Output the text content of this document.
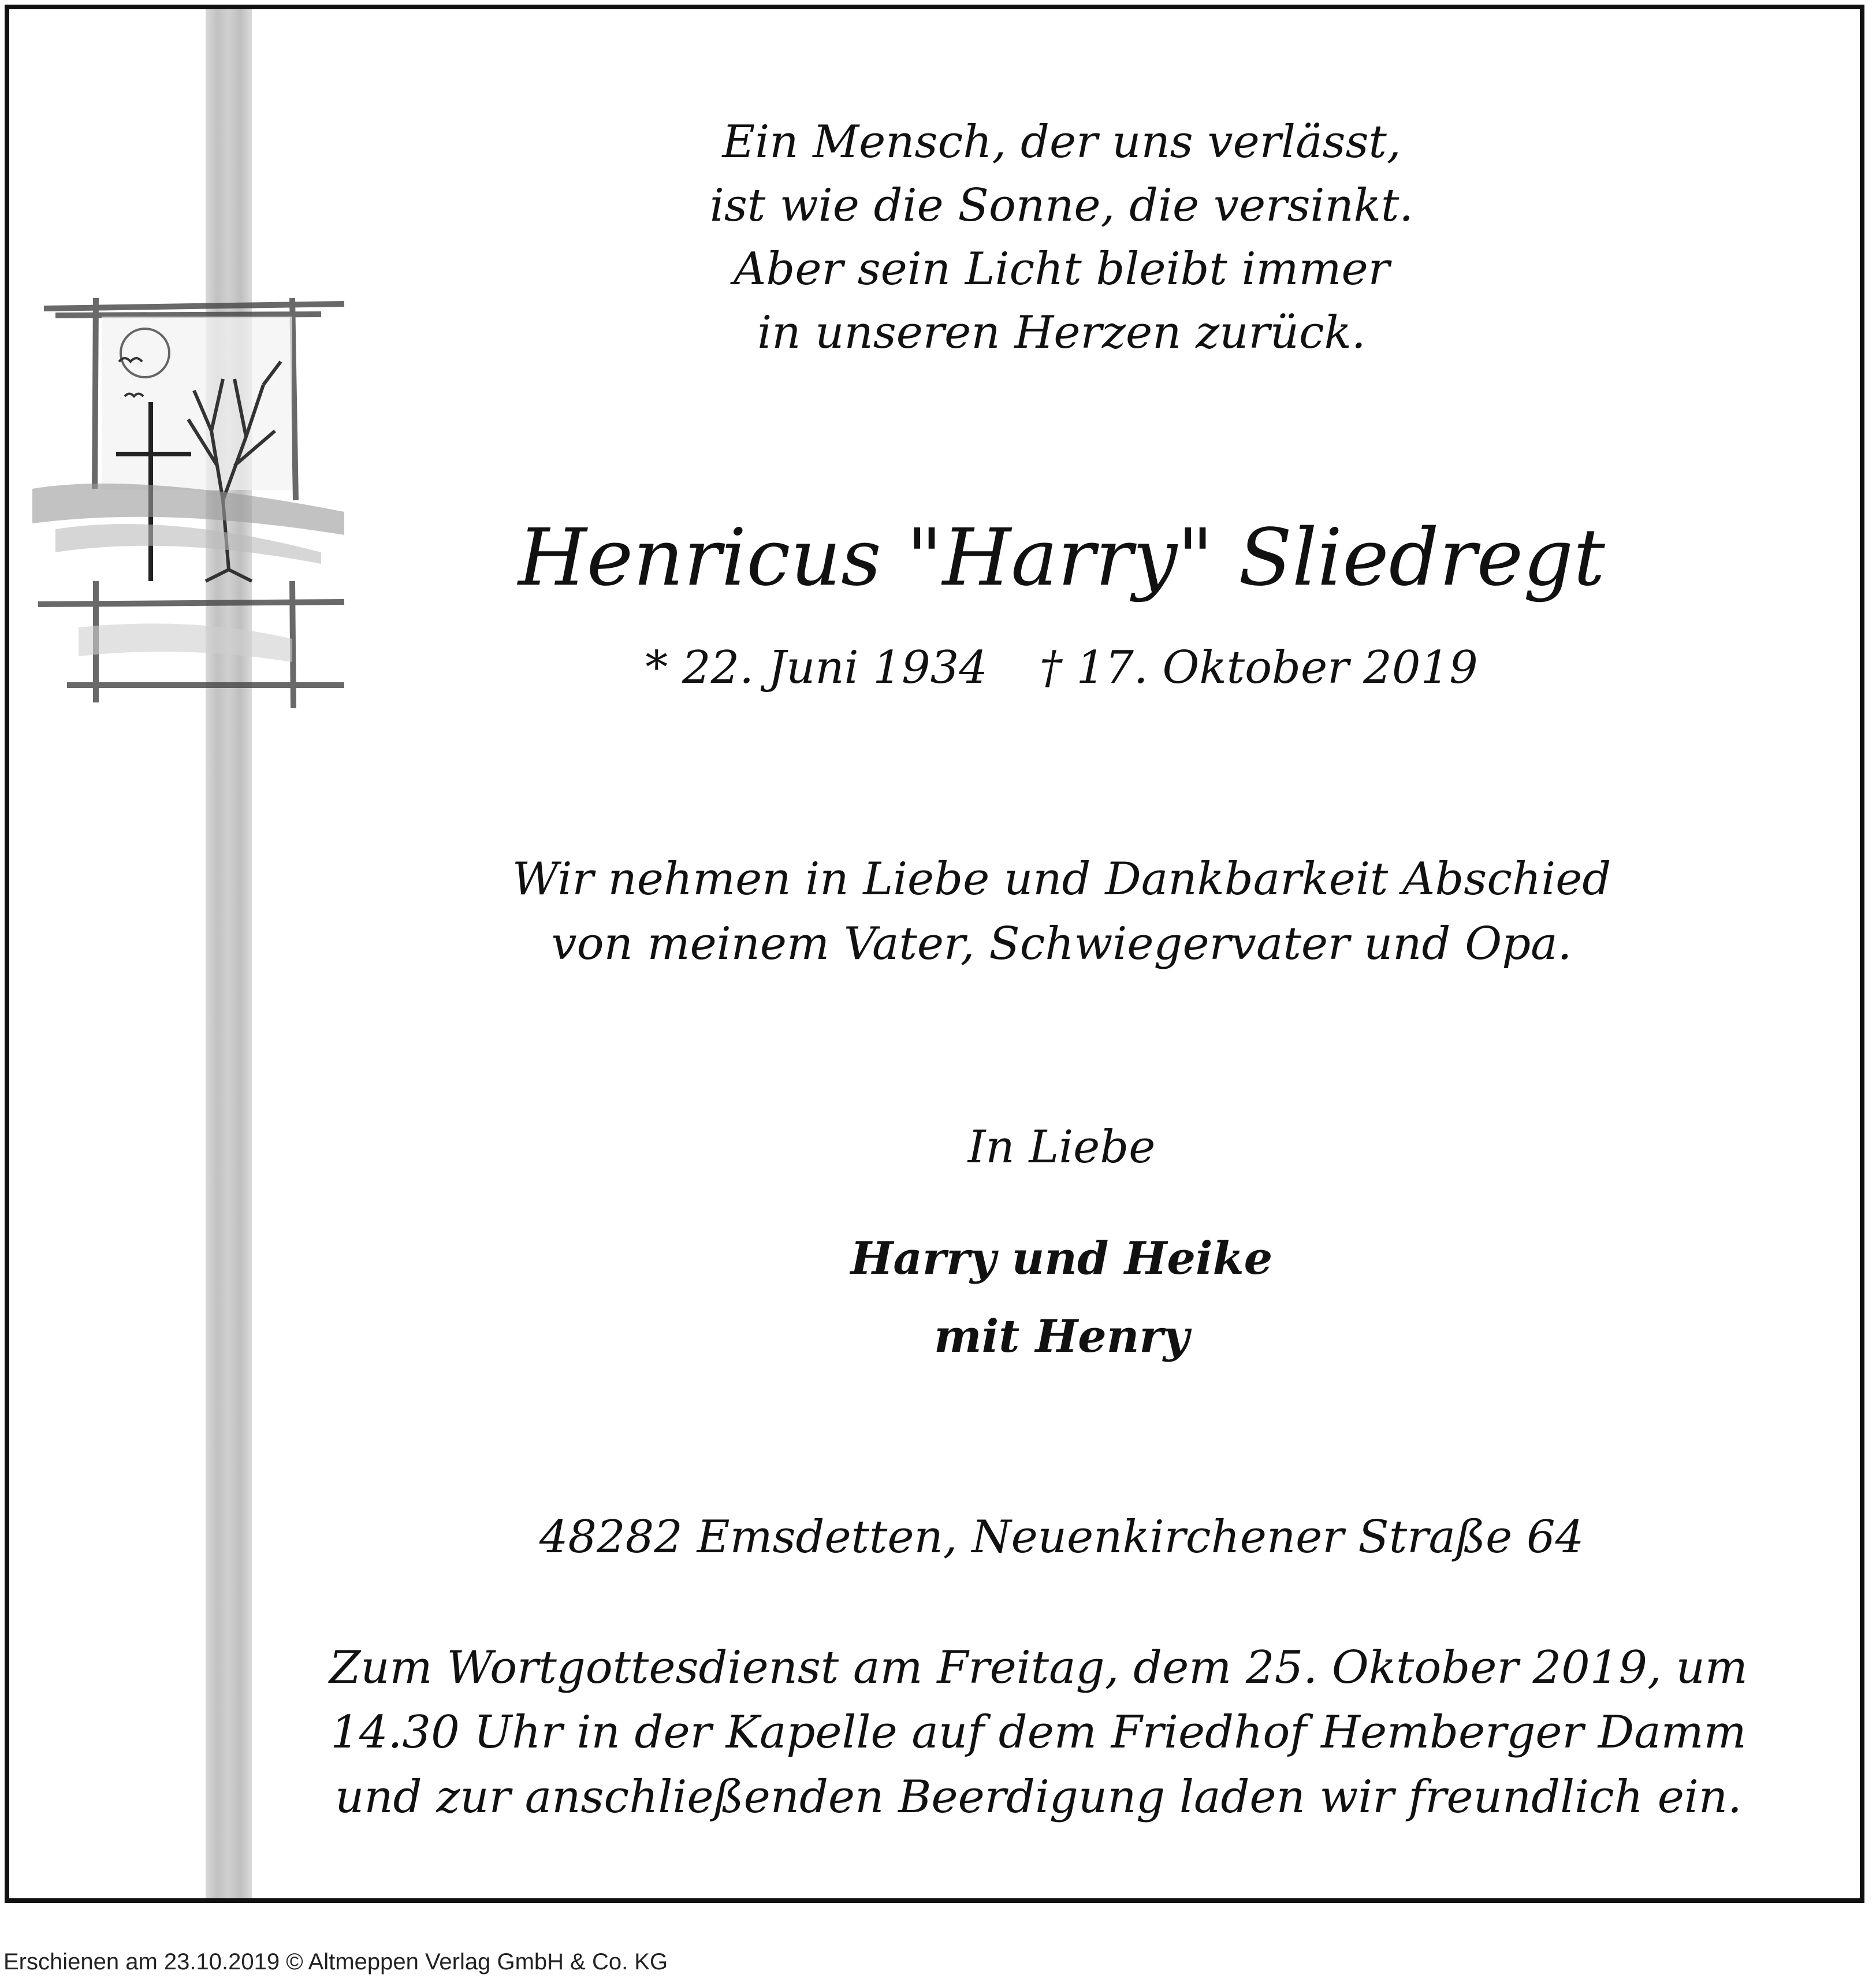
Ein Mensch, der uns verlässt,
ist wie die Sonne, die versinkt.
Aber sein Licht bleibt immer
in unseren Herzen zurück.
Henricus "Harry" Sliedregt
* 22. Juni 1934 † 17. Oktober 2019
Wir nehmen in Liebe und Dankbarkeit Abschied
von meinem Vater, Schwiegervater und Opa.
In Liebe
Harry und Heike
mit Henry
48282 Emsdetten, Neuenkirchener Straße 64
Zum Wortgottesdienst am Freitag, dem 25. Oktober 2019, um
14.30 Uhr in der Kapelle auf dem Friedhof Hemberger Damm
und zur anschließenden Beerdigung laden wir freundlich ein.
Erschienen am 23.10.2019 © Altmeppen Verlag GmbH & Co. KG
